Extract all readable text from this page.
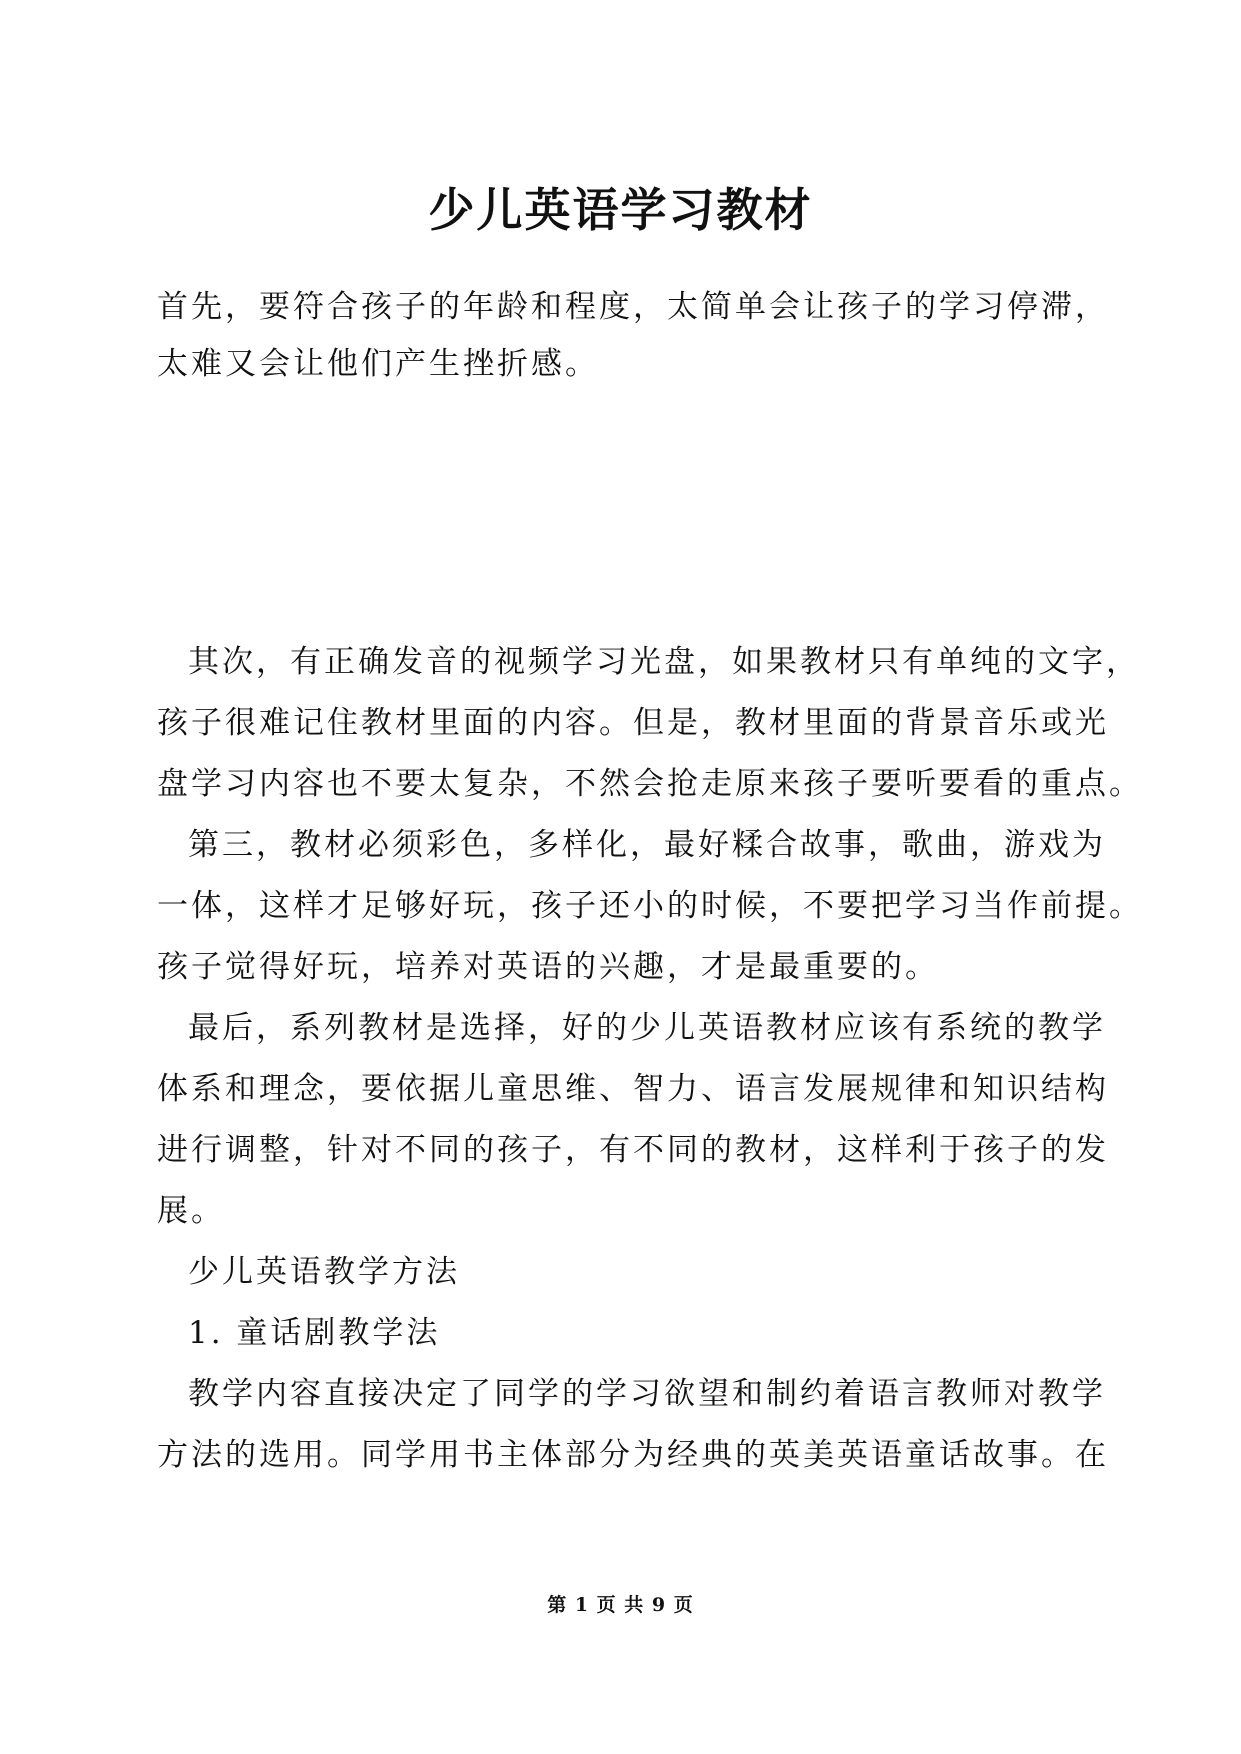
少儿英语学习教材

首先，要符合孩子的年龄和程度，太简单会让孩子的学习停滞，

太难又会让他们产生挫折感。

其次，有正确发音的视频学习光盘，如果教材只有单纯的文字，

孩子很难记住教材里面的内容。但是，教材里面的背景音乐或光

盘学习内容也不要太复杂，不然会抢走原来孩子要听要看的重点。

第三，教材必须彩色，多样化，最好糅合故事，歌曲，游戏为

一体，这样才足够好玩，孩子还小的时候，不要把学习当作前提。

孩子觉得好玩，培养对英语的兴趣，才是最重要的。

最后，系列教材是选择，好的少儿英语教材应该有系统的教学

体系和理念，要依据儿童思维、智力、语言发展规律和知识结构

进行调整，针对不同的孩子，有不同的教材，这样利于孩子的发

展。

少儿英语教学方法

1. 童话剧教学法

教学内容直接决定了同学的学习欲望和制约着语言教师对教学

方法的选用。同学用书主体部分为经典的英美英语童话故事。在

第 1 页 共 9 页
